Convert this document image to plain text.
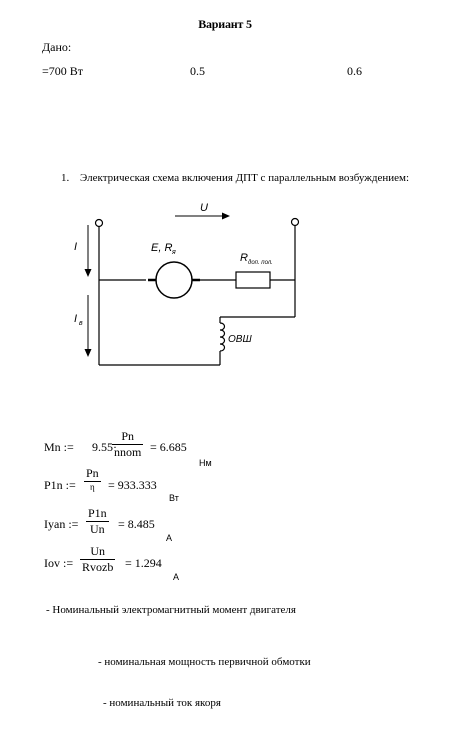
Вариант 5
Дано:
=700 Вт	0.5	0.6
1. Электрическая схема включения ДПТ с параллельным возбуждением:
U
I
I в
E, R я	R доп. пол.
ОВШ
Mn := 9.55·
Pn
nnom = 6.685
Нм
P1n :=
Pn
η	= 933.333
Вт
Iyan := $\frac{P1n}{Un} = 8.485$
А
Iov :=
Un
Rvozb = 1.294
А
- Номинальный электромагнитный момент двигателя
- номинальная мощность первичной обмотки
- номинальный ток якоря
